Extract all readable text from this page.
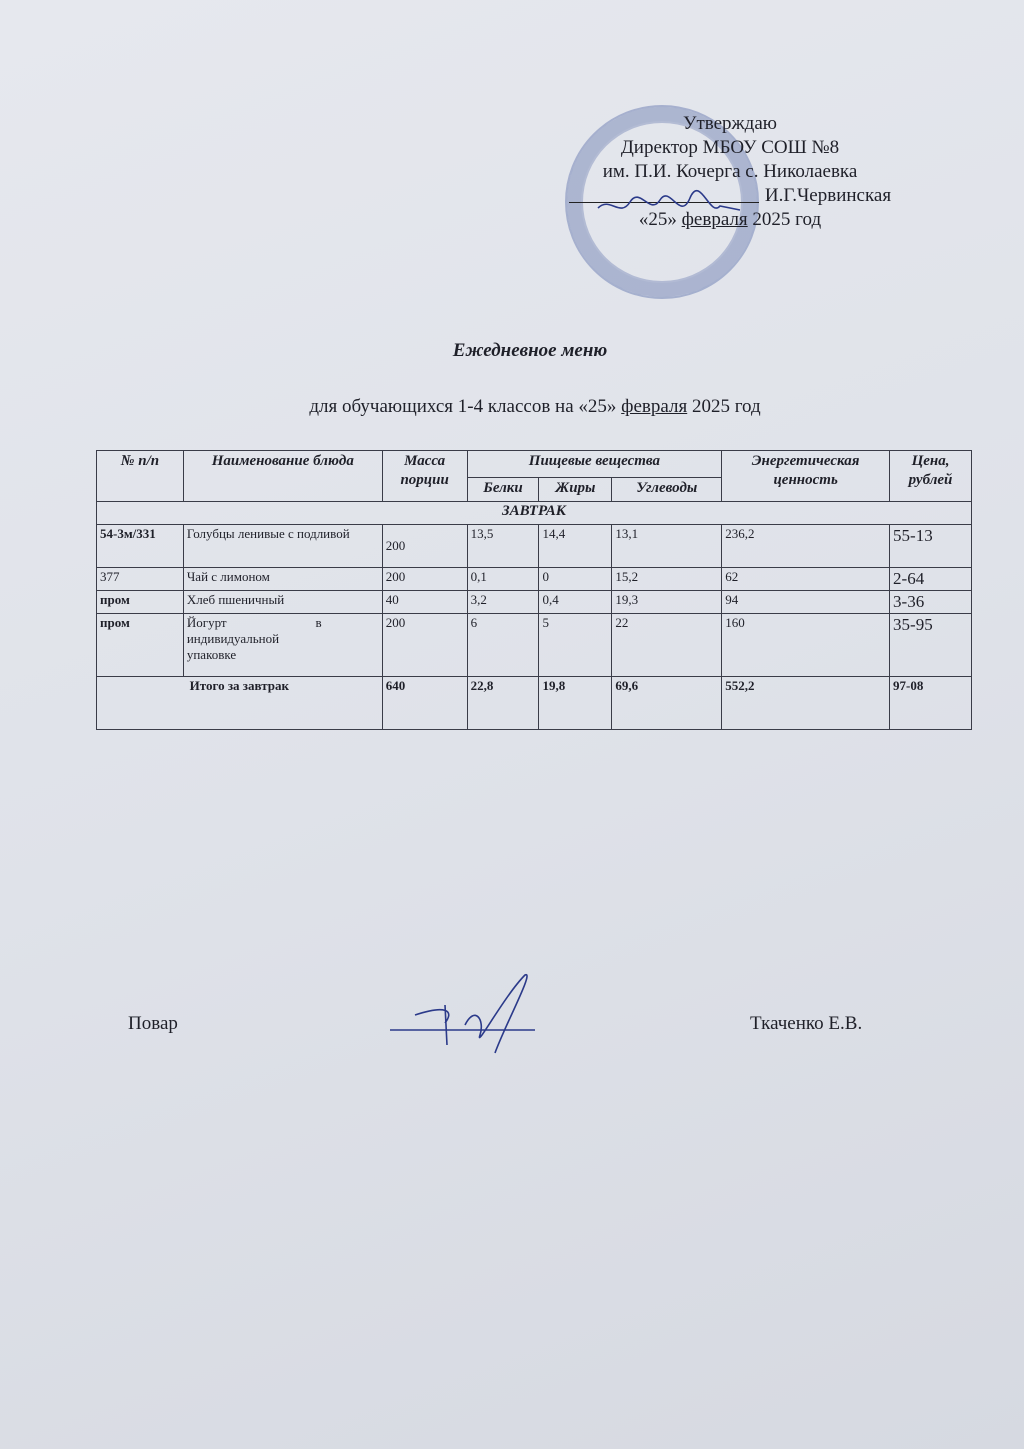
Утверждаю
Директор МБОУ СОШ №8
им. П.И. Кочерга с. Николаевка
И.Г.Червинская
«25» февраля 2025 год
Ежедневное меню
для обучающихся 1-4 классов на «25» февраля 2025 год
№ п/п	Наименование блюда	Масса порции	Пищевые вещества			Энергетическая ценность	Цена, рублей
			Белки	Жиры	Углеводы		
ЗАВТРАК							
54-3м/331	Голубцы ленивые с подливой	200	13,5	14,4	13,1	236,2	55-13
377	Чай с лимоном	200	0,1	0	15,2	62	2-64
пром	Хлеб пшеничный	40	3,2	0,4	19,3	94	3-36
пром	Йогурт в индивидуальной упаковке	200	6	5	22	160	35-95
Итого за завтрак		640	22,8	19,8	69,6	552,2	97-08
Повар	Ткаченко Е.В.
